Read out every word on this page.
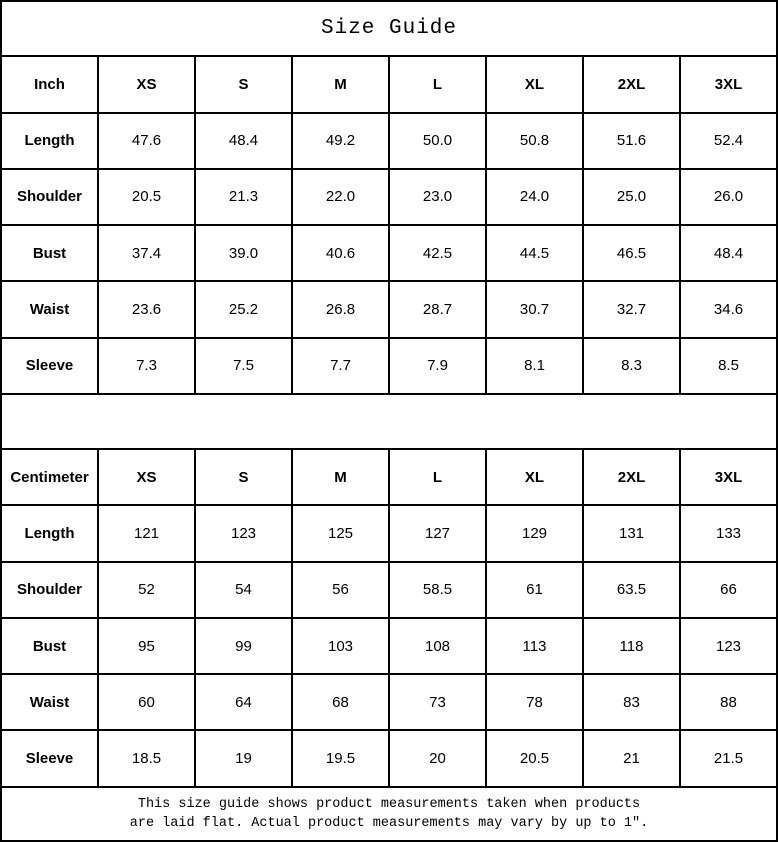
Size Guide							
Inch	XS	S	M	L	XL	2XL	3XL
Length	47.6	48.4	49.2	50.0	50.8	51.6	52.4
Shoulder	20.5	21.3	22.0	23.0	24.0	25.0	26.0
Bust	37.4	39.0	40.6	42.5	44.5	46.5	48.4
Waist	23.6	25.2	26.8	28.7	30.7	32.7	34.6
Sleeve	7.3	7.5	7.7	7.9	8.1	8.3	8.5

Centimeter	XS	S	M	L	XL	2XL	3XL
Length	121	123	125	127	129	131	133
Shoulder	52	54	56	58.5	61	63.5	66
Bust	95	99	103	108	113	118	123
Waist	60	64	68	73	78	83	88
Sleeve	18.5	19	19.5	20	20.5	21	21.5

This size guide shows product measurements taken when products
are laid flat. Actual product measurements may vary by up to 1″.							
